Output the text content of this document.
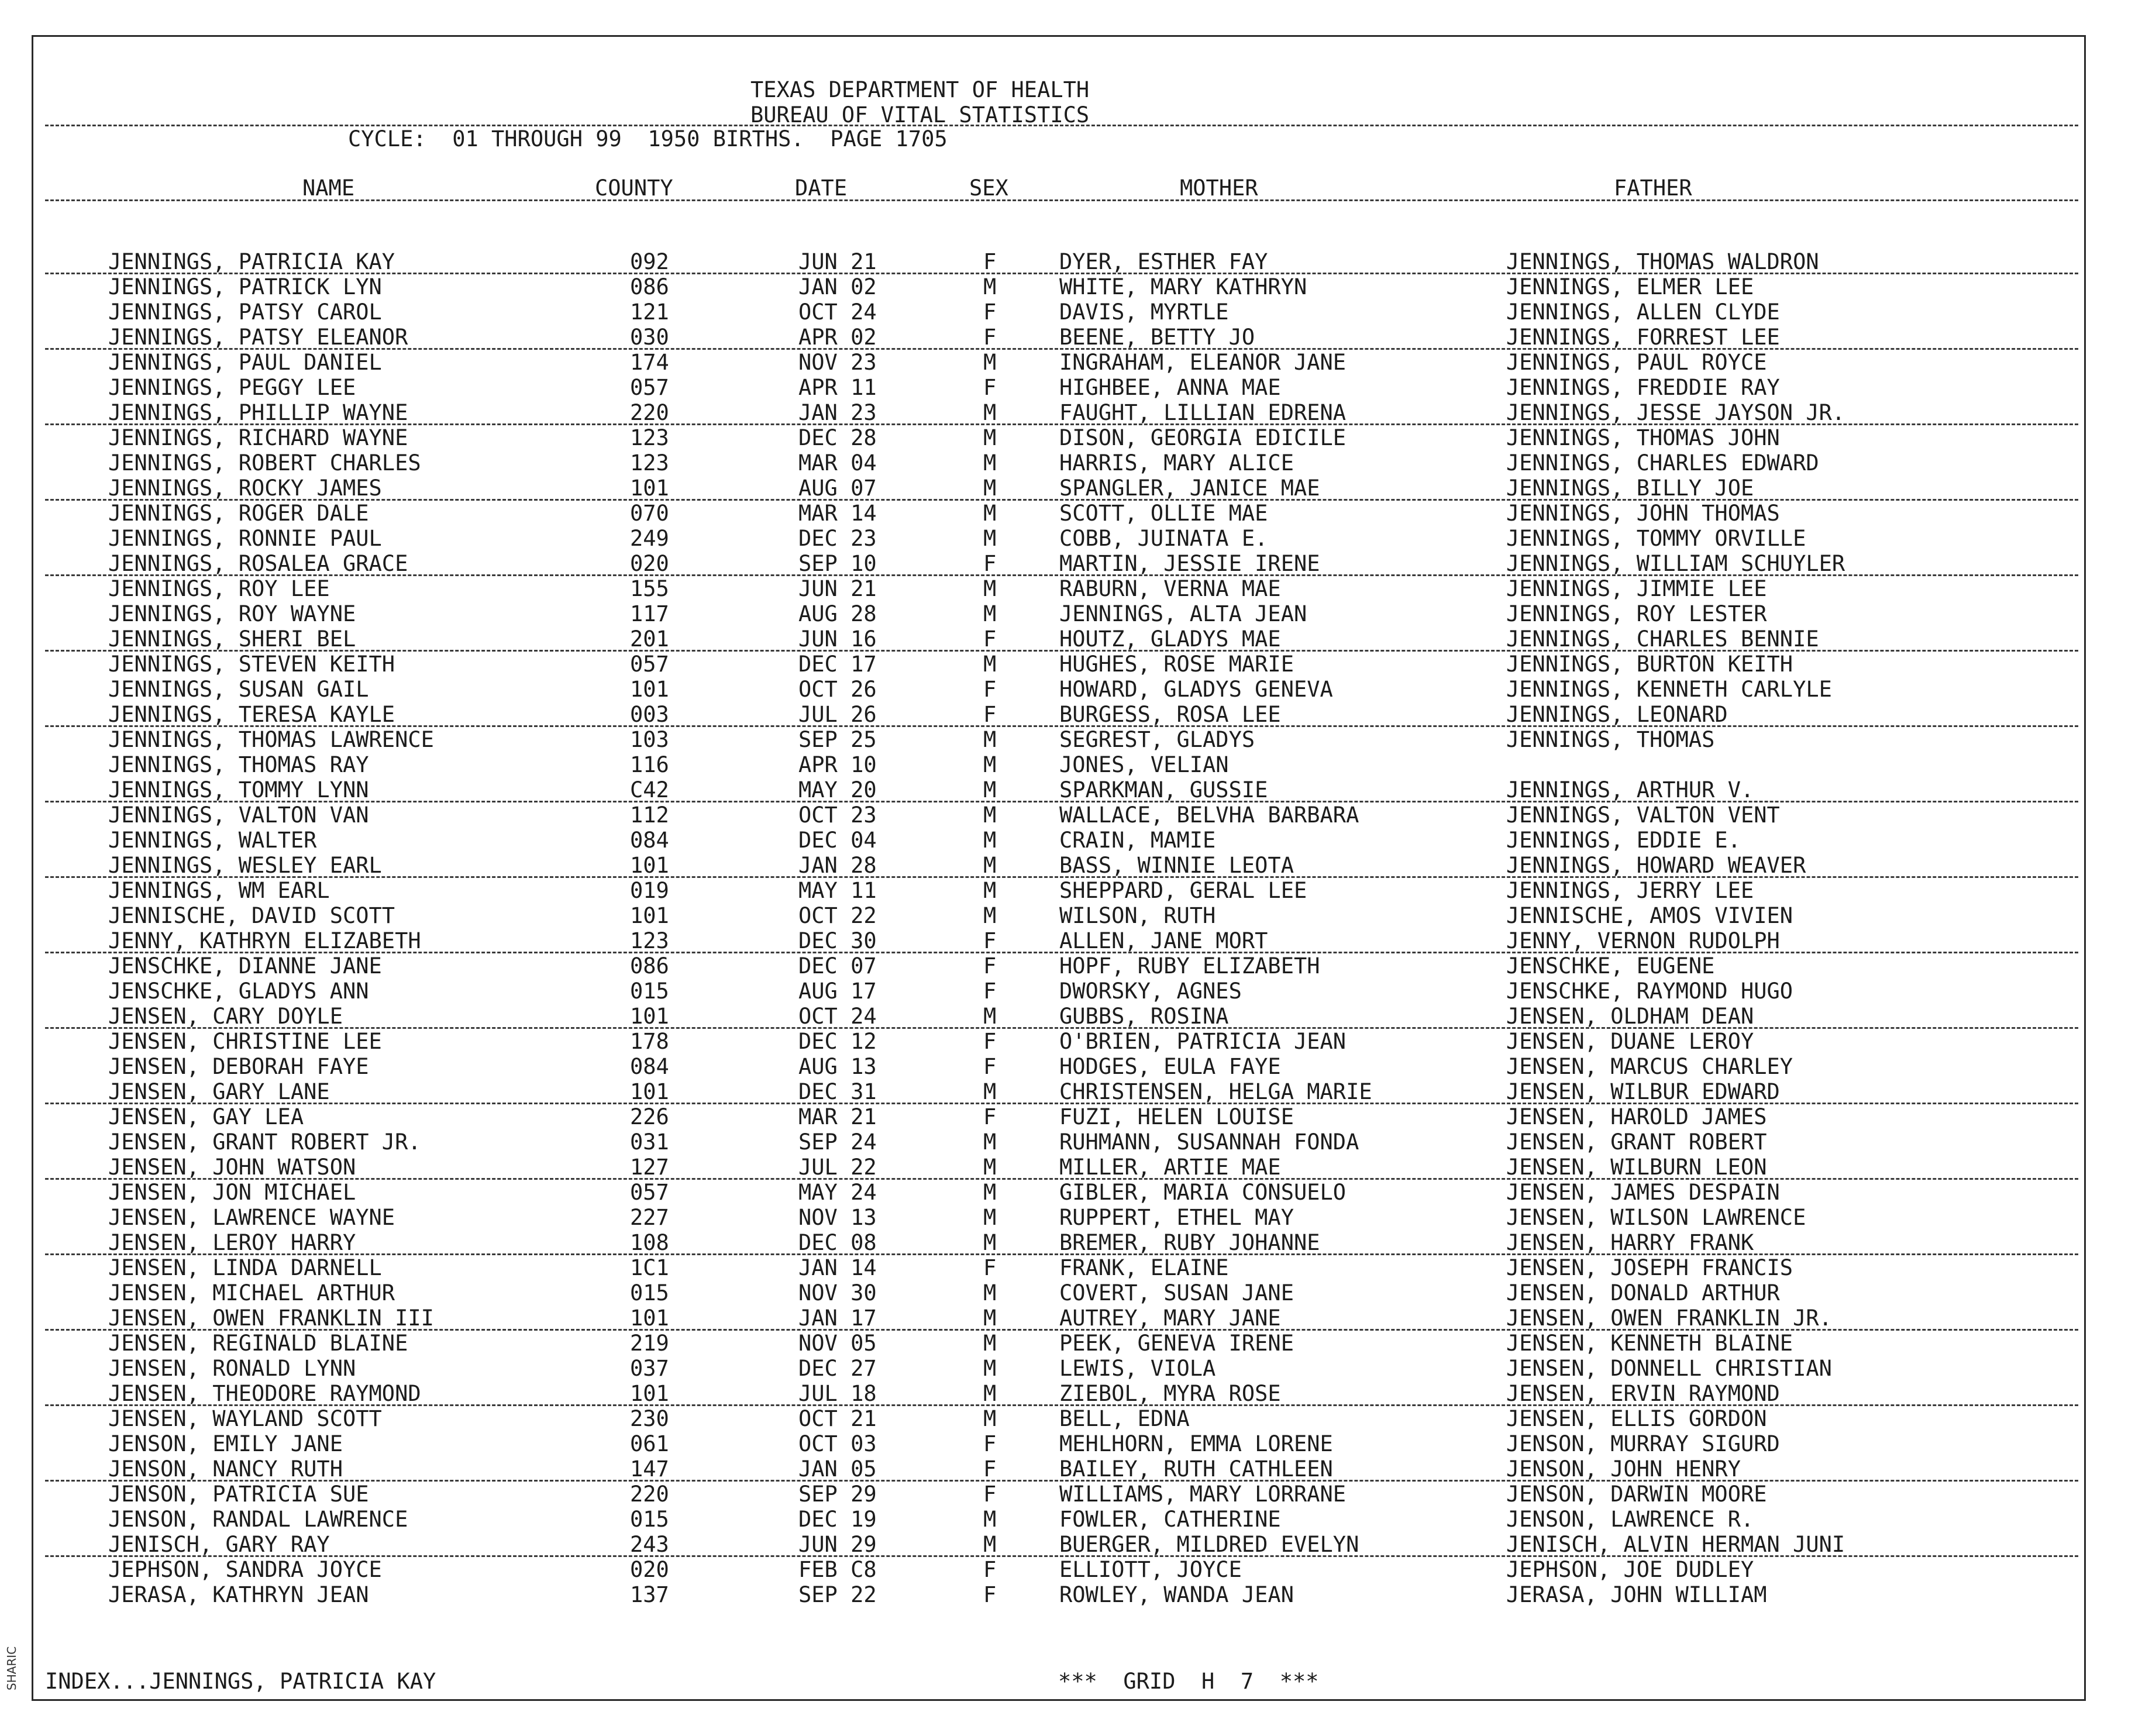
TEXAS DEPARTMENT OF HEALTH
BUREAU OF VITAL STATISTICS
CYCLE:  01 THROUGH 99  1950 BIRTHS.  PAGE 1705
NAME	COUNTY	DATE	SEX	MOTHER	FATHER
JENNINGS, PATRICIA KAY	092	JUN 21	F	DYER, ESTHER FAY	JENNINGS, THOMAS WALDRON
JENNINGS, PATRICK LYN	086	JAN 02	M	WHITE, MARY KATHRYN	JENNINGS, ELMER LEE
JENNINGS, PATSY CAROL	121	OCT 24	F	DAVIS, MYRTLE	JENNINGS, ALLEN CLYDE
JENNINGS, PATSY ELEANOR	030	APR 02	F	BEENE, BETTY JO	JENNINGS, FORREST LEE
JENNINGS, PAUL DANIEL	174	NOV 23	M	INGRAHAM, ELEANOR JANE	JENNINGS, PAUL ROYCE
JENNINGS, PEGGY LEE	057	APR 11	F	HIGHBEE, ANNA MAE	JENNINGS, FREDDIE RAY
JENNINGS, PHILLIP WAYNE	220	JAN 23	M	FAUGHT, LILLIAN EDRENA	JENNINGS, JESSE JAYSON JR.
JENNINGS, RICHARD WAYNE	123	DEC 28	M	DISON, GEORGIA EDICILE	JENNINGS, THOMAS JOHN
JENNINGS, ROBERT CHARLES	123	MAR 04	M	HARRIS, MARY ALICE	JENNINGS, CHARLES EDWARD
JENNINGS, ROCKY JAMES	101	AUG 07	M	SPANGLER, JANICE MAE	JENNINGS, BILLY JOE
JENNINGS, ROGER DALE	070	MAR 14	M	SCOTT, OLLIE MAE	JENNINGS, JOHN THOMAS
JENNINGS, RONNIE PAUL	249	DEC 23	M	COBB, JUINATA E.	JENNINGS, TOMMY ORVILLE
JENNINGS, ROSALEA GRACE	020	SEP 10	F	MARTIN, JESSIE IRENE	JENNINGS, WILLIAM SCHUYLER
JENNINGS, ROY LEE	155	JUN 21	M	RABURN, VERNA MAE	JENNINGS, JIMMIE LEE
JENNINGS, ROY WAYNE	117	AUG 28	M	JENNINGS, ALTA JEAN	JENNINGS, ROY LESTER
JENNINGS, SHERI BEL	201	JUN 16	F	HOUTZ, GLADYS MAE	JENNINGS, CHARLES BENNIE
JENNINGS, STEVEN KEITH	057	DEC 17	M	HUGHES, ROSE MARIE	JENNINGS, BURTON KEITH
JENNINGS, SUSAN GAIL	101	OCT 26	F	HOWARD, GLADYS GENEVA	JENNINGS, KENNETH CARLYLE
JENNINGS, TERESA KAYLE	003	JUL 26	F	BURGESS, ROSA LEE	JENNINGS, LEONARD
JENNINGS, THOMAS LAWRENCE	103	SEP 25	M	SEGREST, GLADYS	JENNINGS, THOMAS
JENNINGS, THOMAS RAY	116	APR 10	M	JONES, VELIAN
JENNINGS, TOMMY LYNN	C42	MAY 20	M	SPARKMAN, GUSSIE	JENNINGS, ARTHUR V.
JENNINGS, VALTON VAN	112	OCT 23	M	WALLACE, BELVHA BARBARA	JENNINGS, VALTON VENT
JENNINGS, WALTER	084	DEC 04	M	CRAIN, MAMIE	JENNINGS, EDDIE E.
JENNINGS, WESLEY EARL	101	JAN 28	M	BASS, WINNIE LEOTA	JENNINGS, HOWARD WEAVER
JENNINGS, WM EARL	019	MAY 11	M	SHEPPARD, GERAL LEE	JENNINGS, JERRY LEE
JENNISCHE, DAVID SCOTT	101	OCT 22	M	WILSON, RUTH	JENNISCHE, AMOS VIVIEN
JENNY, KATHRYN ELIZABETH	123	DEC 30	F	ALLEN, JANE MORT	JENNY, VERNON RUDOLPH
JENSCHKE, DIANNE JANE	086	DEC 07	F	HOPF, RUBY ELIZABETH	JENSCHKE, EUGENE
JENSCHKE, GLADYS ANN	015	AUG 17	F	DWORSKY, AGNES	JENSCHKE, RAYMOND HUGO
JENSEN, CARY DOYLE	101	OCT 24	M	GUBBS, ROSINA	JENSEN, OLDHAM DEAN
JENSEN, CHRISTINE LEE	178	DEC 12	F	O'BRIEN, PATRICIA JEAN	JENSEN, DUANE LEROY
JENSEN, DEBORAH FAYE	084	AUG 13	F	HODGES, EULA FAYE	JENSEN, MARCUS CHARLEY
JENSEN, GARY LANE	101	DEC 31	M	CHRISTENSEN, HELGA MARIE	JENSEN, WILBUR EDWARD
JENSEN, GAY LEA	226	MAR 21	F	FUZI, HELEN LOUISE	JENSEN, HAROLD JAMES
JENSEN, GRANT ROBERT JR.	031	SEP 24	M	RUHMANN, SUSANNAH FONDA	JENSEN, GRANT ROBERT
JENSEN, JOHN WATSON	127	JUL 22	M	MILLER, ARTIE MAE	JENSEN, WILBURN LEON
JENSEN, JON MICHAEL	057	MAY 24	M	GIBLER, MARIA CONSUELO	JENSEN, JAMES DESPAIN
JENSEN, LAWRENCE WAYNE	227	NOV 13	M	RUPPERT, ETHEL MAY	JENSEN, WILSON LAWRENCE
JENSEN, LEROY HARRY	108	DEC 08	M	BREMER, RUBY JOHANNE	JENSEN, HARRY FRANK
JENSEN, LINDA DARNELL	1C1	JAN 14	F	FRANK, ELAINE	JENSEN, JOSEPH FRANCIS
JENSEN, MICHAEL ARTHUR	015	NOV 30	M	COVERT, SUSAN JANE	JENSEN, DONALD ARTHUR
JENSEN, OWEN FRANKLIN III	101	JAN 17	M	AUTREY, MARY JANE	JENSEN, OWEN FRANKLIN JR.
JENSEN, REGINALD BLAINE	219	NOV 05	M	PEEK, GENEVA IRENE	JENSEN, KENNETH BLAINE
JENSEN, RONALD LYNN	037	DEC 27	M	LEWIS, VIOLA	JENSEN, DONNELL CHRISTIAN
JENSEN, THEODORE RAYMOND	101	JUL 18	M	ZIEBOL, MYRA ROSE	JENSEN, ERVIN RAYMOND
JENSEN, WAYLAND SCOTT	230	OCT 21	M	BELL, EDNA	JENSEN, ELLIS GORDON
JENSON, EMILY JANE	061	OCT 03	F	MEHLHORN, EMMA LORENE	JENSON, MURRAY SIGURD
JENSON, NANCY RUTH	147	JAN 05	F	BAILEY, RUTH CATHLEEN	JENSON, JOHN HENRY
JENSON, PATRICIA SUE	220	SEP 29	F	WILLIAMS, MARY LORRANE	JENSON, DARWIN MOORE
JENSON, RANDAL LAWRENCE	015	DEC 19	M	FOWLER, CATHERINE	JENSON, LAWRENCE R.
JENISCH, GARY RAY	243	JUN 29	M	BUERGER, MILDRED EVELYN	JENISCH, ALVIN HERMAN JUNI
JEPHSON, SANDRA JOYCE	020	FEB C8	F	ELLIOTT, JOYCE	JEPHSON, JOE DUDLEY
JERASA, KATHRYN JEAN	137	SEP 22	F	ROWLEY, WANDA JEAN	JERASA, JOHN WILLIAM
INDEX...JENNINGS, PATRICIA KAY	***  GRID  H  7  ***
SHARIC
